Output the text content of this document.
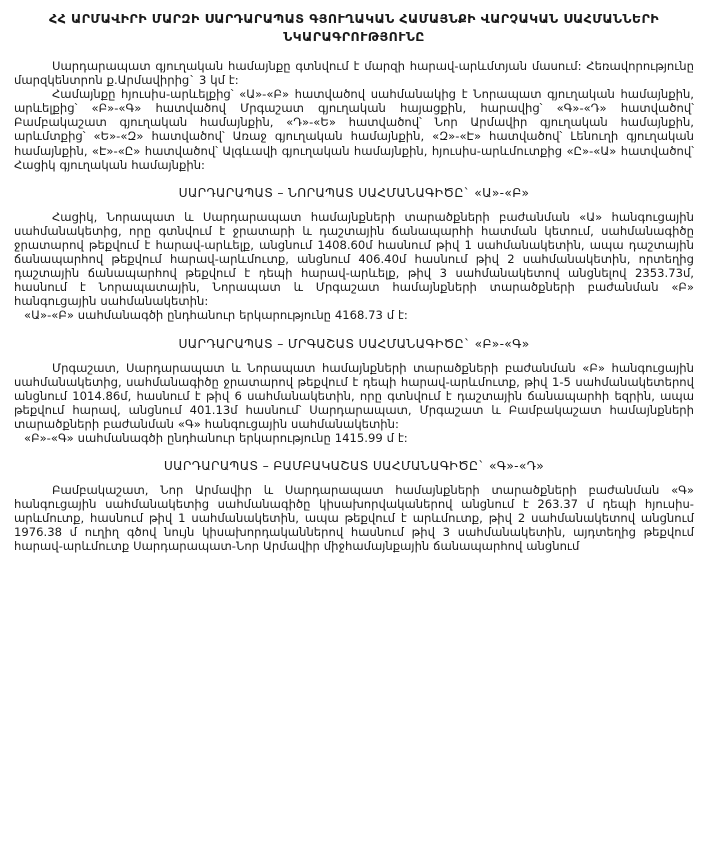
ՀՀ ԱՐՄԱՎԻՐԻ ՄԱՐԶԻ ՍԱՐԴԱՐԱՊԱՏ ԳՅՈՒՂԱԿԱՆ ՀԱՄԱՅՆՔԻ ՎԱՐՉԱԿԱՆ ՍԱՀՄԱՆՆԵՐԻ
ՆԿԱՐԱԳՐՈՒԹՅՈՒՆԸ

Սարդարապատ գյուղական համայնքը գտնվում է մարզի հարավ-արևմտյան մասում: Հեռավորությունը մարզկենտրոն ք.Արմավիրից` 3 կմ է:

Համայնքը հյուսիս-արևելքից՝ «Ա»-«Բ» հատվածով սահմանակից է Նորապատ գյուղական համայնքին, արևելքից՝ «Բ»-«Գ» հատվածով Մրգաշատ գյուղական հայացքին, հարավից՝ «Գ»-«Դ» հատվածով՝ Բամբակաշատ գյուղական համայնքին, «Դ»-«Ե» հատվածով՝ Նոր Արմավիր գյուղական համայնքին, արևմտքից՝ «Ե»-«Զ» հատվածով՝ Առաջ գյուղական համայնքին, «Զ»-«Է» հատվածով՝ Լենուղի գյուղական համայնքին, «Է»-«Ը» հատվածով՝ Ալգևավի գյուղական համայնքին, հյուսիս-արևմուտքից «Ը»-«Ա» հատվածով՝ Հացիկ գյուղական համայնքին:

ՍԱՐԴԱՐԱՊԱՏ – ՆՈՐԱՊԱՏ ՍԱՀՄԱՆԱԳԻԾԸ` «Ա»-«Բ»

Հացիկ, Նորապատ և Սարդարապատ համայնքների տարածքների բաժանման «Ա» հանգուցային սահմանակետից, որը գտնվում է ջրատարի և դաշտային ճանապարհի հատման կետում, սահմանագիծը ջրատարով թեքվում է հարավ-արևելք, անցնում 1408.60մ հասնում թիվ 1 սահմանակետին, ապա դաշտային ճանապարհով թեքվում հարավ-արևմուտք, անցնում 406.40մ հասնում թիվ 2 սահմանակետին, որտեղից դաշտային ճանապարհով թեքվում է դեպի հարավ-արևելք, թիվ 3 սահմանակետով անցնելով 2353.73մ, հասնում է Նորապատային, Նորապատ և Մրգաշատ համայնքների տարածքների բաժանման «Բ» հանգուցային սահմանակետին:

«Ա»-«Բ» սահմանագծի ընդհանուր երկարությունը 4168.73 մ է:

ՍԱՐԴԱՐԱՊԱՏ – ՄՐԳԱՇԱՏ ՍԱՀՄԱՆԱԳԻԾԸ` «Բ»-«Գ»

Մրգաշատ, Սարդարապատ և Նորապատ համայնքների տարածքների բաժանման «Բ» հանգուցային սահմանակետից, սահմանագիծը ջրատարով թեքվում է դեպի հարավ-արևմուտք, թիվ 1-5 սահմանակետերով անցնում 1014.86մ, հասնում է թիվ 6 սահմանակետին, որը գտնվում է դաշտային ճանապարհի եզրին, ապա թեքվում հարավ, անցնում 401.13մ հասնում՝ Սարդարապատ, Մրգաշատ և Բամբակաշատ համայնքների տարածքների բաժանման «Գ» հանգուցային սահմանակետին:

«Բ»-«Գ» սահմանագծի ընդհանուր երկարությունը 1415.99 մ է:

ՍԱՐԴԱՐԱՊԱՏ – ԲԱՄԲԱԿԱՇԱՏ ՍԱՀՄԱՆԱԳԻԾԸ` «Գ»-«Դ»

Բամբակաշատ, Նոր Արմավիր և Սարդարապատ համայնքների տարածքների բաժանման «Գ» հանգուցային սահմանակետից սահմանագիծը կիսախորվականերով անցնում է 263.37 մ դեպի հյուսիս-արևմուտք, հասնում թիվ 1 սահմանակետին, ապա թեքվում է արևմուտք, թիվ 2 սահմանակետով անցնում 1976.38 մ ուղիղ գծով նույն կիսախորդականներով հասնում թիվ 3 սահմանակետին, այդտեղից թեքվում հարավ-արևմուտք Սարդարապատ-Նոր Արմավիր միջհամայնքային ճանապարհով անցնում
